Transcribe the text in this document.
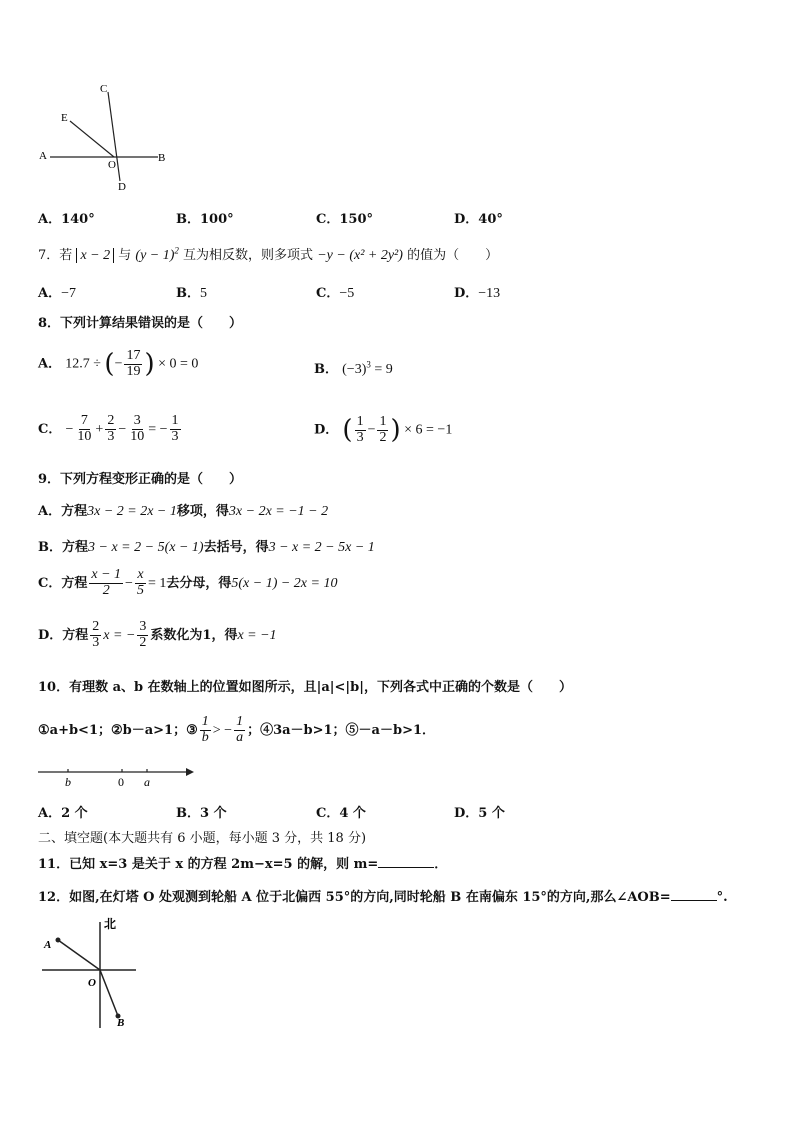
C
E
A
O
B
D
A．140°	B．100°	C．150°	D．40°
7．若 x − 2 与 $(y - 1)^2$ 互为相反数，则多项式 −y − (x² + 2y²) 的值为（　　）
A．−7	B．5	C．−5	D．−13
8．下列计算结果错误的是（　　）
A． 12.7 ÷ (− $\frac{17}{19}$ ) × 0 = 0	B． $(-3)^3 = 9$
C． − $\frac{7}{10} + \frac{2}{3} - \frac{3}{10}$ = − $\frac{1}{3}$	D． ( $\frac{1}{3} - \frac{1}{2}$ ) × 6 = −1
9．下列方程变形正确的是（　　）
A．方程3x − 2 = 2x − 1移项，得3x − 2x = −1 − 2
B．方程3 − x = 2 − 5(x − 1)去括号，得3 − x = 2 − 5x − 1
C．方程 $\frac{x - 1}{2} - \frac{x}{5} = 1$去分母，得5(x − 1) − 2x = 10
D．方程 $\frac{2}{3}$ x = − $\frac{3}{2}$ 系数化为1，得x = −1
10．有理数 a、b 在数轴上的位置如图所示，且|a|<|b|，下列各式中正确的个数是（　　）
①a+b<1；②b－a>1；③ $\frac{1}{b}$ > − $\frac{1}{a}$ ；④3a－b>1；⑤－a－b>1．
b	0 a
A．2 个	B．3 个	C．4 个	D．5 个
二、填空题(本大题共有 6 小题，每小题 3 分，共 18 分)
11．已知 x=3 是关于 x 的方程 2m−x=5 的解，则 m=	．
12．如图,在灯塔 O 处观测到轮船 A 位于北偏西 55°的方向,同时轮船 B 在南偏东 15°的方向,那么∠AOB=	°.
北
A
O
B
